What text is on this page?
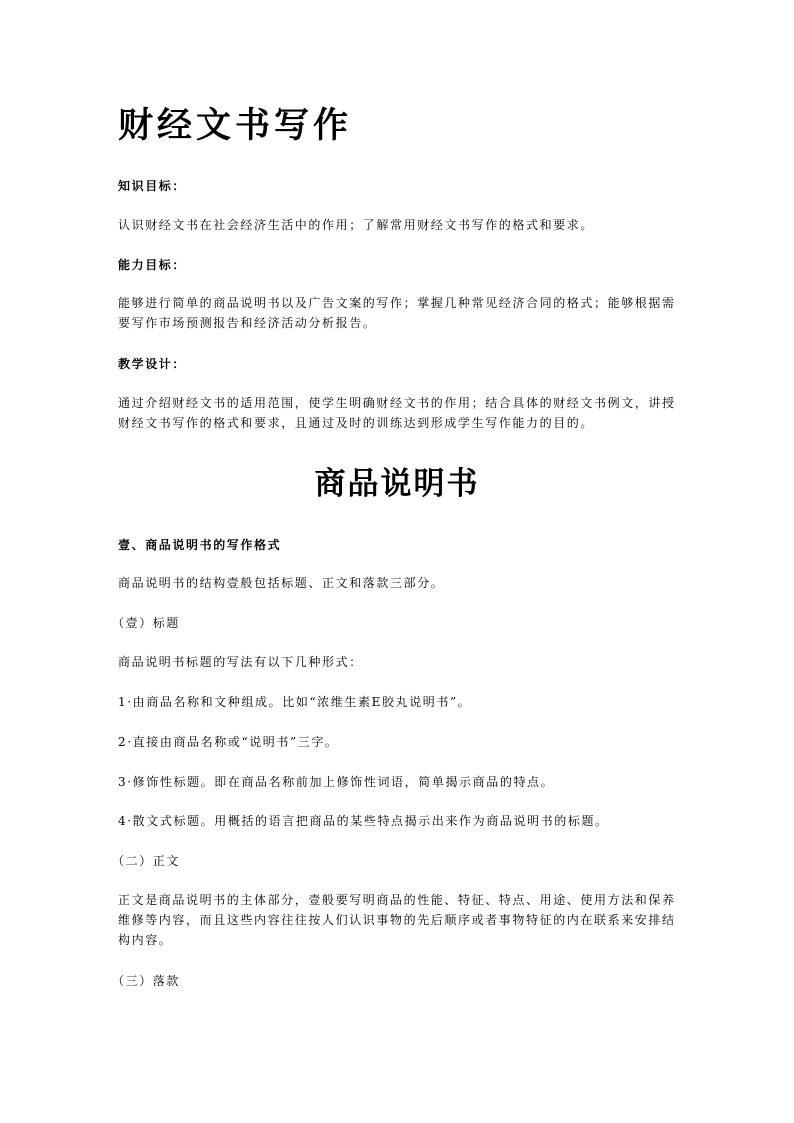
财经文书写作

知识目标：

认识财经文书在社会经济生活中的作用；了解常用财经文书写作的格式和要求。

能力目标：

能够进行简单的商品说明书以及广告文案的写作；掌握几种常见经济合同的格式；能够根据需要写作市场预测报告和经济活动分析报告。

教学设计：

通过介绍财经文书的适用范围，使学生明确财经文书的作用；结合具体的财经文书例文，讲授财经文书写作的格式和要求，且通过及时的训练达到形成学生写作能力的目的。

商品说明书

壹、商品说明书的写作格式

商品说明书的结构壹般包括标题、正文和落款三部分。

（壹）标题

商品说明书标题的写法有以下几种形式：

1·由商品名称和文种组成。比如“浓维生素E胶丸说明书”。

2·直接由商品名称或“说明书”三字。

3·修饰性标题。即在商品名称前加上修饰性词语，简单揭示商品的特点。

4·散文式标题。用概括的语言把商品的某些特点揭示出来作为商品说明书的标题。

（二）正文

正文是商品说明书的主体部分，壹般要写明商品的性能、特征、特点、用途、使用方法和保养维修等内容，而且这些内容往往按人们认识事物的先后顺序或者事物特征的内在联系来安排结构内容。

（三）落款
